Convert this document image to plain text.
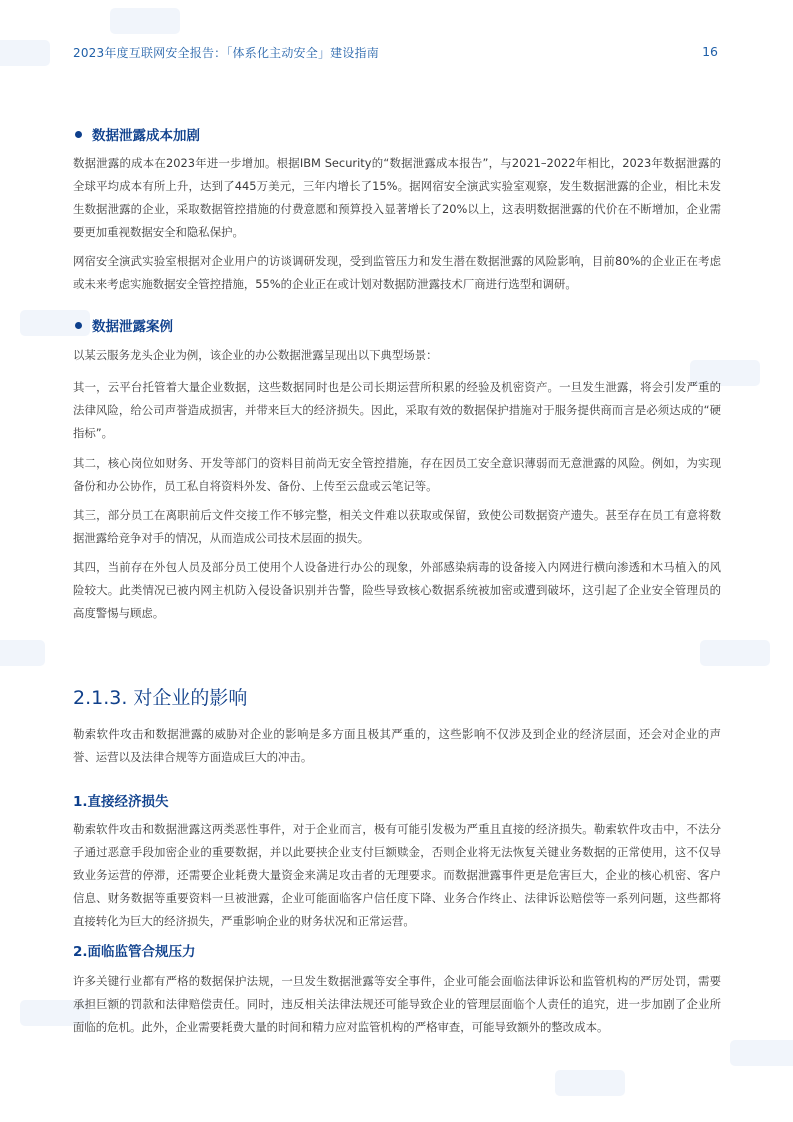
2023年度互联网安全报告：「体系化主动安全」建设指南	16
数据泄露成本加剧

数据泄露的成本在2023年进一步增加。根据IBM Security的“数据泄露成本报告”，与2021–2022年相比，2023年数据泄露的全球平均成本有所上升，达到了445万美元，三年内增长了15%。据网宿安全演武实验室观察，发生数据泄露的企业，相比未发生数据泄露的企业，采取数据管控措施的付费意愿和预算投入显著增长了20%以上，这表明数据泄露的代价在不断增加，企业需要更加重视数据安全和隐私保护。

网宿安全演武实验室根据对企业用户的访谈调研发现，受到监管压力和发生潜在数据泄露的风险影响，目前80%的企业正在考虑或未来考虑实施数据安全管控措施，55%的企业正在或计划对数据防泄露技术厂商进行选型和调研。

数据泄露案例

以某云服务龙头企业为例，该企业的办公数据泄露呈现出以下典型场景：

其一，云平台托管着大量企业数据，这些数据同时也是公司长期运营所积累的经验及机密资产。一旦发生泄露，将会引发严重的法律风险，给公司声誉造成损害，并带来巨大的经济损失。因此，采取有效的数据保护措施对于服务提供商而言是必须达成的“硬指标”。

其二，核心岗位如财务、开发等部门的资料目前尚无安全管控措施，存在因员工安全意识薄弱而无意泄露的风险。例如，为实现备份和办公协作，员工私自将资料外发、备份、上传至云盘或云笔记等。

其三，部分员工在离职前后文件交接工作不够完整，相关文件难以获取或保留，致使公司数据资产遗失。甚至存在员工有意将数据泄露给竞争对手的情况，从而造成公司技术层面的损失。

其四，当前存在外包人员及部分员工使用个人设备进行办公的现象，外部感染病毒的设备接入内网进行横向渗透和木马植入的风险较大。此类情况已被内网主机防入侵设备识别并告警，险些导致核心数据系统被加密或遭到破坏，这引起了企业安全管理员的高度警惕与顾虑。

2.1.3. 对企业的影响

勒索软件攻击和数据泄露的威胁对企业的影响是多方面且极其严重的，这些影响不仅涉及到企业的经济层面，还会对企业的声誉、运营以及法律合规等方面造成巨大的冲击。

1.直接经济损失

勒索软件攻击和数据泄露这两类恶性事件，对于企业而言，极有可能引发极为严重且直接的经济损失。勒索软件攻击中，不法分子通过恶意手段加密企业的重要数据，并以此要挟企业支付巨额赎金，否则企业将无法恢复关键业务数据的正常使用，这不仅导致业务运营的停滞，还需要企业耗费大量资金来满足攻击者的无理要求。而数据泄露事件更是危害巨大，企业的核心机密、客户信息、财务数据等重要资料一旦被泄露，企业可能面临客户信任度下降、业务合作终止、法律诉讼赔偿等一系列问题，这些都将直接转化为巨大的经济损失，严重影响企业的财务状况和正常运营。

2.面临监管合规压力

许多关键行业都有严格的数据保护法规，一旦发生数据泄露等安全事件，企业可能会面临法律诉讼和监管机构的严厉处罚，需要承担巨额的罚款和法律赔偿责任。同时，违反相关法律法规还可能导致企业的管理层面临个人责任的追究，进一步加剧了企业所面临的危机。此外，企业需要耗费大量的时间和精力应对监管机构的严格审查，可能导致额外的整改成本。
